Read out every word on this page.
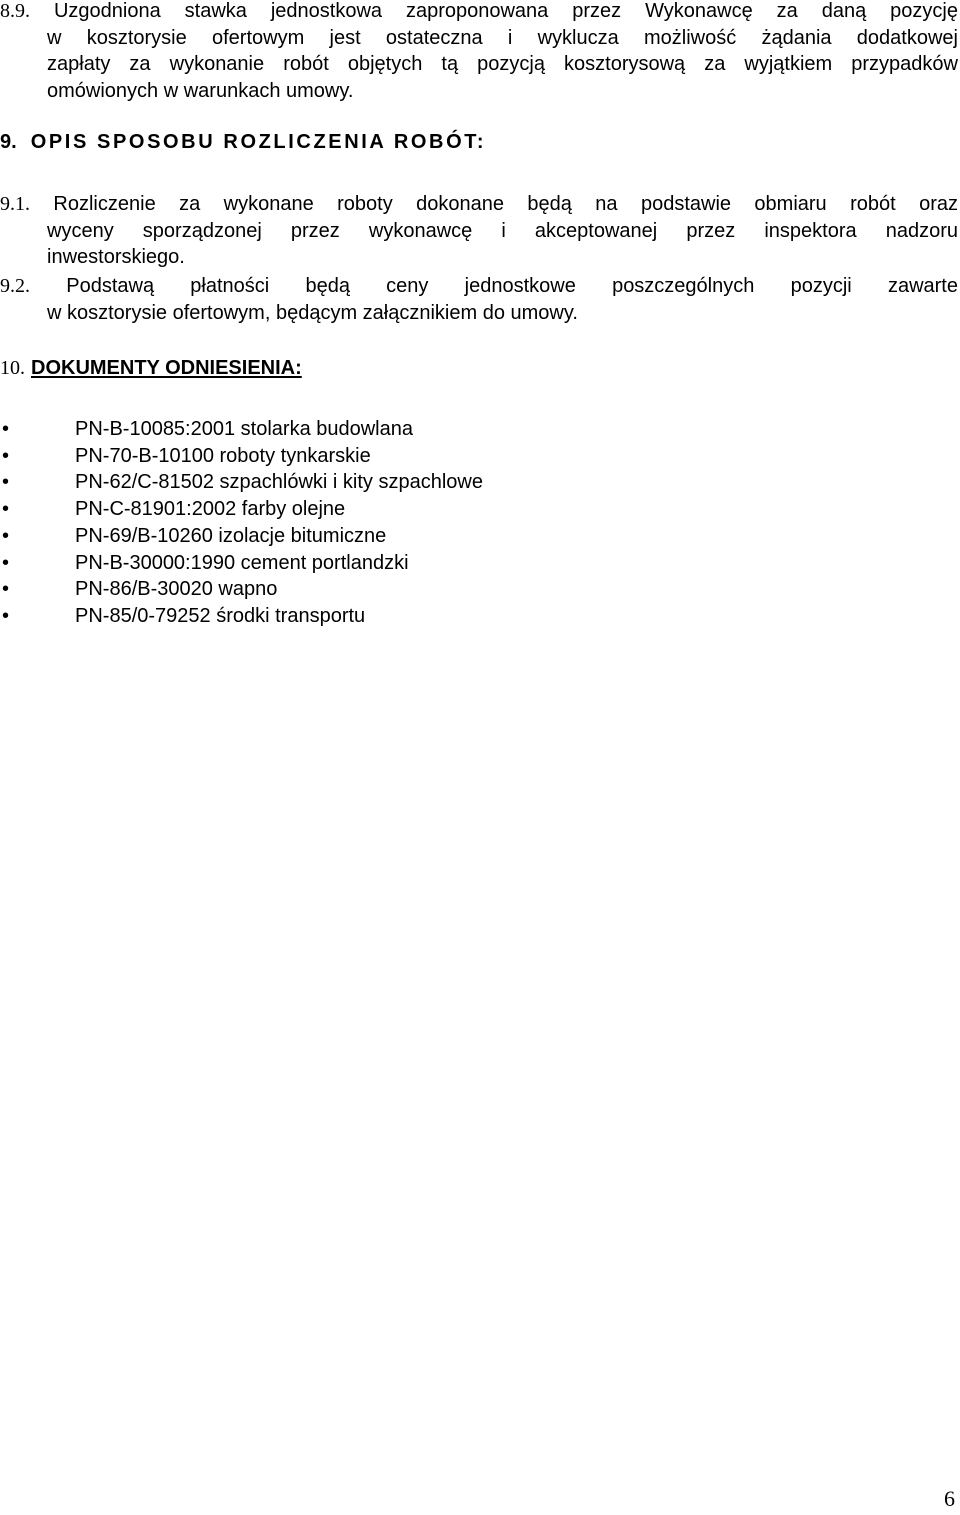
8.9. Uzgodniona stawka jednostkowa zaproponowana przez Wykonawcę za daną pozycję
w kosztorysie ofertowym jest ostateczna i wyklucza możliwość żądania dodatkowej
zapłaty za wykonanie robót objętych tą pozycją kosztorysową za wyjątkiem przypadków
omówionych w warunkach umowy.
9. OPIS SPOSOBU ROZLICZENIA ROBÓT:
9.1. Rozliczenie za wykonane roboty dokonane będą na podstawie obmiaru robót oraz
wyceny sporządzonej przez wykonawcę i akceptowanej przez inspektora nadzoru
inwestorskiego.
9.2. Podstawą płatności będą ceny jednostkowe poszczególnych pozycji zawarte
w kosztorysie ofertowym, będącym załącznikiem do umowy.
10. DOKUMENTY ODNIESIENIA:
•	PN-B-10085:2001 stolarka budowlana
•	PN-70-B-10100 roboty tynkarskie
•	PN-62/C-81502 szpachlówki i kity szpachlowe
•	PN-C-81901:2002 farby olejne
•	PN-69/B-10260 izolacje bitumiczne
•	PN-B-30000:1990 cement portlandzki
•	PN-86/B-30020 wapno
•	PN-85/0-79252 środki transportu
6
